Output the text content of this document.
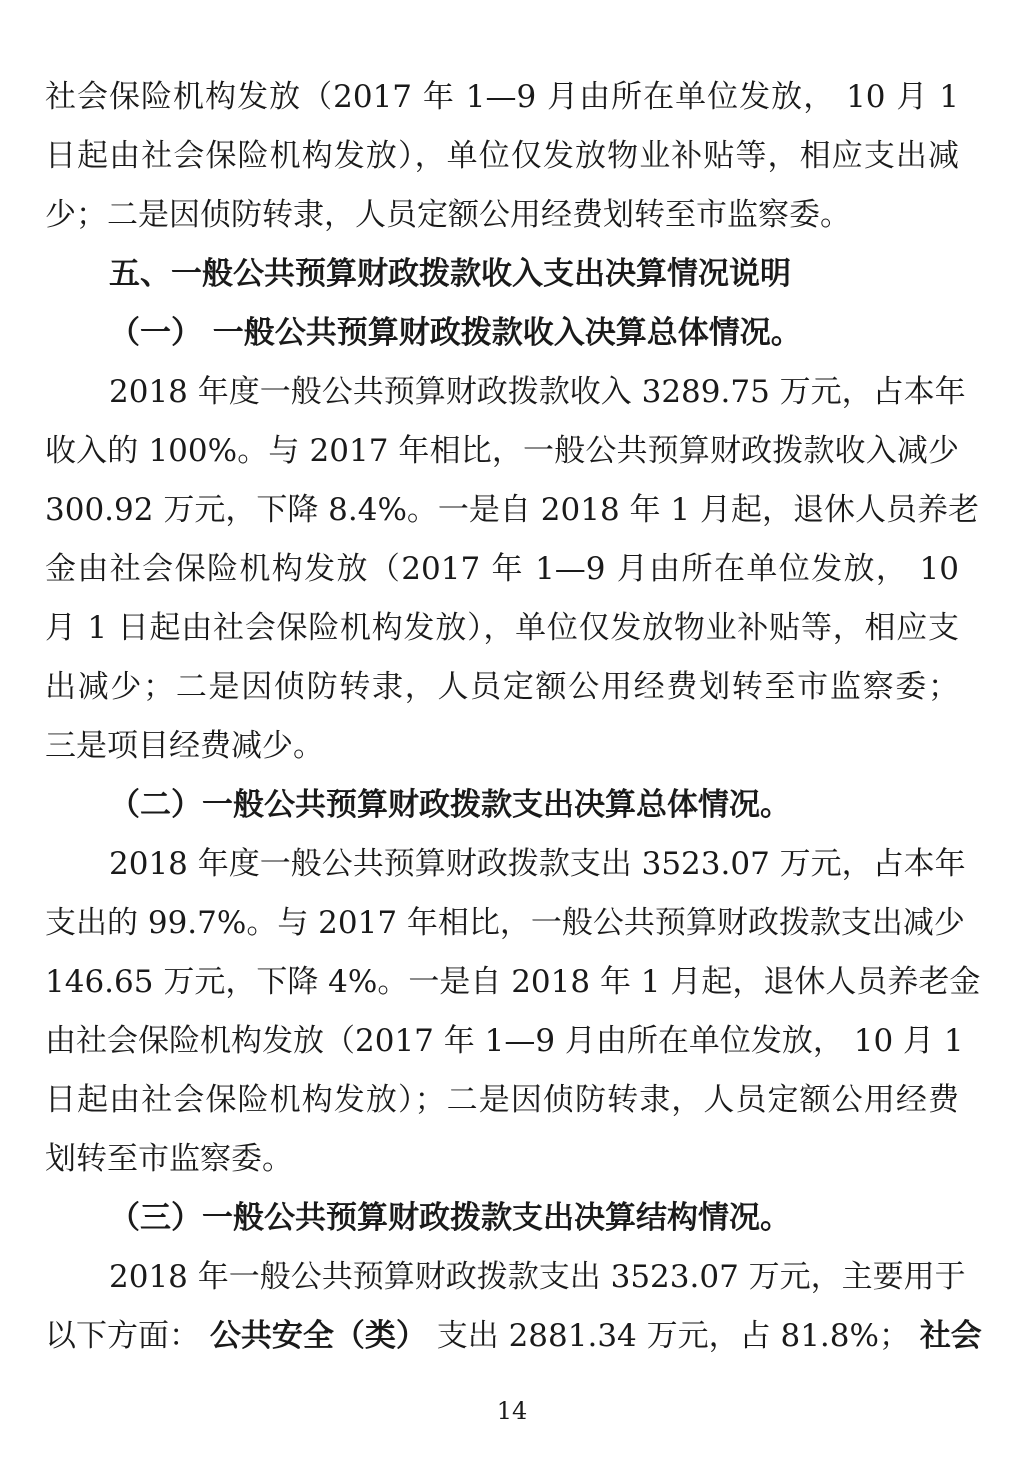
社会保险机构发放（2017 年 1—9 月由所在单位发放， 10 月 1
日起由社会保险机构发放），单位仅发放物业补贴等，相应支出减
少；二是因侦防转隶，人员定额公用经费划转至市监察委。
五、一般公共预算财政拨款收入支出决算情况说明
（一） 一般公共预算财政拨款收入决算总体情况。
2018 年度一般公共预算财政拨款收入 3289.75 万元，占本年
收入的 100%。与 2017 年相比，一般公共预算财政拨款收入减少
300.92 万元，下降 8.4%。一是自 2018 年 1 月起，退休人员养老
金由社会保险机构发放（2017 年 1—9 月由所在单位发放， 10
月 1 日起由社会保险机构发放），单位仅发放物业补贴等，相应支
出减少；二是因侦防转隶，人员定额公用经费划转至市监察委；
三是项目经费减少。
（二）一般公共预算财政拨款支出决算总体情况。
2018 年度一般公共预算财政拨款支出 3523.07 万元，占本年
支出的 99.7%。与 2017 年相比，一般公共预算财政拨款支出减少
146.65 万元，下降 4%。一是自 2018 年 1 月起，退休人员养老金
由社会保险机构发放（2017 年 1—9 月由所在单位发放， 10 月 1
日起由社会保险机构发放）；二是因侦防转隶，人员定额公用经费
划转至市监察委。
（三）一般公共预算财政拨款支出决算结构情况。
2018 年一般公共预算财政拨款支出 3523.07 万元，主要用于
以下方面： 公共安全（类） 支出 2881.34 万元，占 81.8%； 社会
14
